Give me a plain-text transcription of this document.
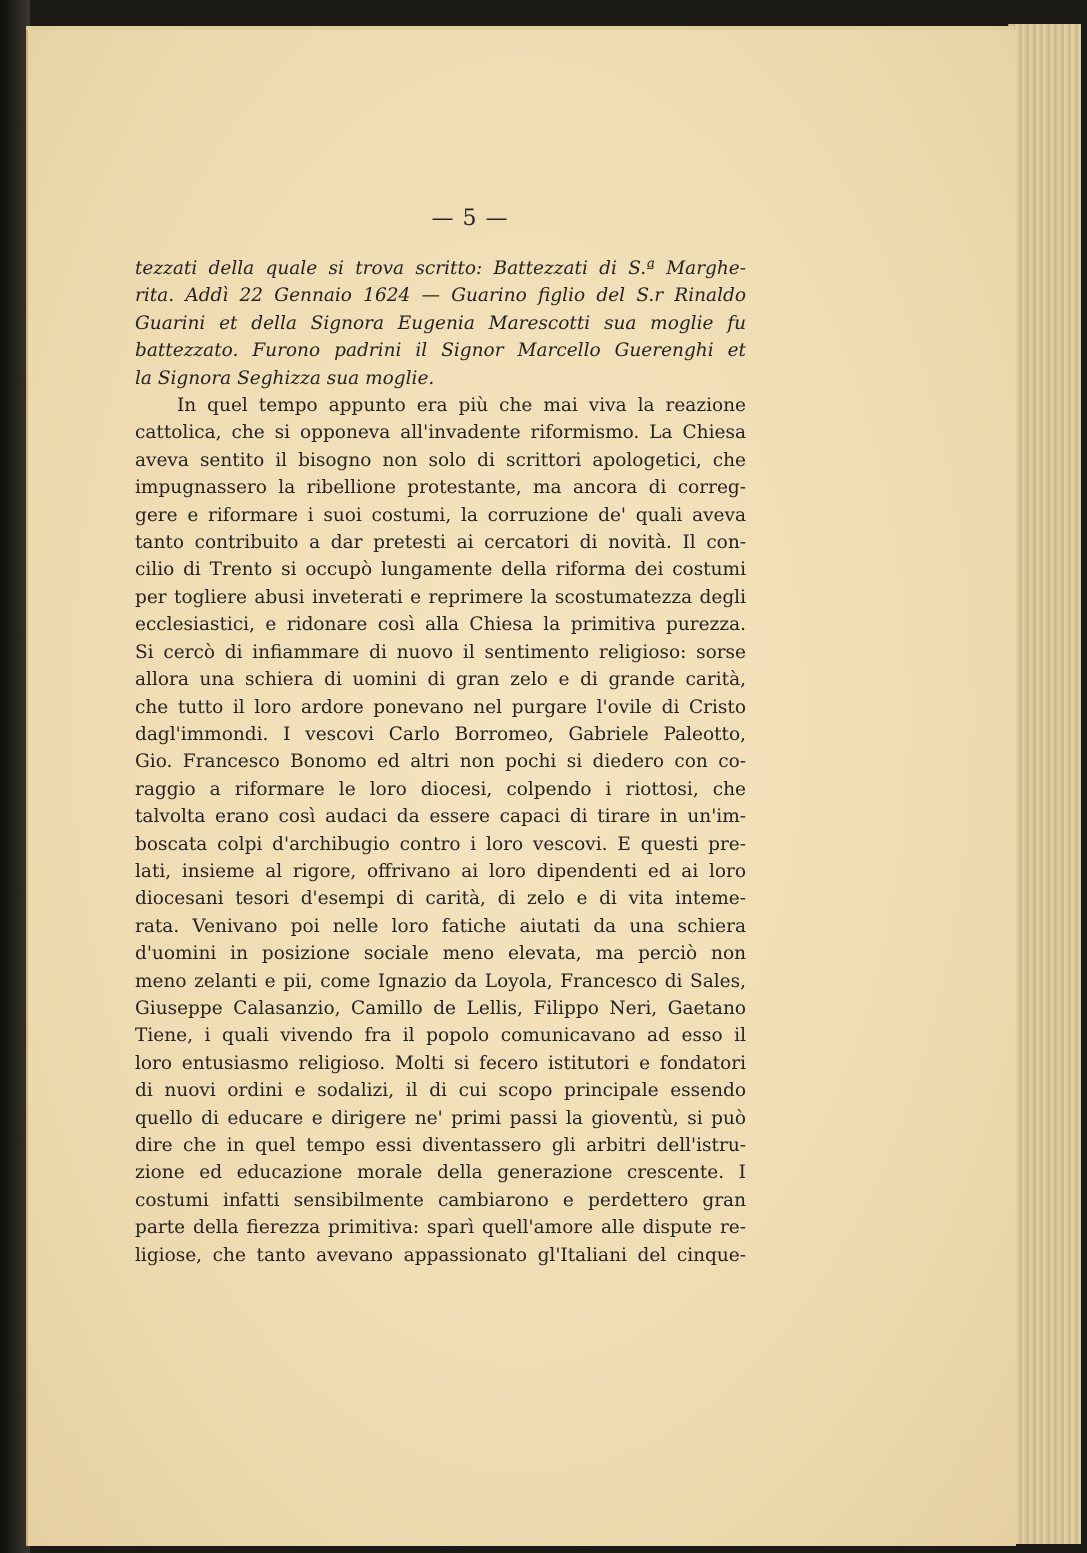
— 5 —
tezzati della quale si trova scritto: Battezzati di S.ª Marghe-
rita. Addì 22 Gennaio 1624 — Guarino figlio del S.r Rinaldo
Guarini et della Signora Eugenia Marescotti sua moglie fu
battezzato. Furono padrini il Signor Marcello Guerenghi et
la Signora Seghizza sua moglie.
In quel tempo appunto era più che mai viva la reazione
cattolica, che si opponeva all'invadente riformismo. La Chiesa
aveva sentito il bisogno non solo di scrittori apologetici, che
impugnassero la ribellione protestante, ma ancora di correg-
gere e riformare i suoi costumi, la corruzione de' quali aveva
tanto contribuito a dar pretesti ai cercatori di novità. Il con-
cilio di Trento si occupò lungamente della riforma dei costumi
per togliere abusi inveterati e reprimere la scostumatezza degli
ecclesiastici, e ridonare così alla Chiesa la primitiva purezza.
Si cercò di infiammare di nuovo il sentimento religioso: sorse
allora una schiera di uomini di gran zelo e di grande carità,
che tutto il loro ardore ponevano nel purgare l'ovile di Cristo
dagl'immondi. I vescovi Carlo Borromeo, Gabriele Paleotto,
Gio. Francesco Bonomo ed altri non pochi si diedero con co-
raggio a riformare le loro diocesi, colpendo i riottosi, che
talvolta erano così audaci da essere capaci di tirare in un'im-
boscata colpi d'archibugio contro i loro vescovi. E questi pre-
lati, insieme al rigore, offrivano ai loro dipendenti ed ai loro
diocesani tesori d'esempi di carità, di zelo e di vita inteme-
rata. Venivano poi nelle loro fatiche aiutati da una schiera
d'uomini in posizione sociale meno elevata, ma perciò non
meno zelanti e pii, come Ignazio da Loyola, Francesco di Sales,
Giuseppe Calasanzio, Camillo de Lellis, Filippo Neri, Gaetano
Tiene, i quali vivendo fra il popolo comunicavano ad esso il
loro entusiasmo religioso. Molti si fecero istitutori e fondatori
di nuovi ordini e sodalizi, il di cui scopo principale essendo
quello di educare e dirigere ne' primi passi la gioventù, si può
dire che in quel tempo essi diventassero gli arbitri dell'istru-
zione ed educazione morale della generazione crescente. I
costumi infatti sensibilmente cambiarono e perdettero gran
parte della fierezza primitiva: sparì quell'amore alle dispute re-
ligiose, che tanto avevano appassionato gl'Italiani del cinque-
